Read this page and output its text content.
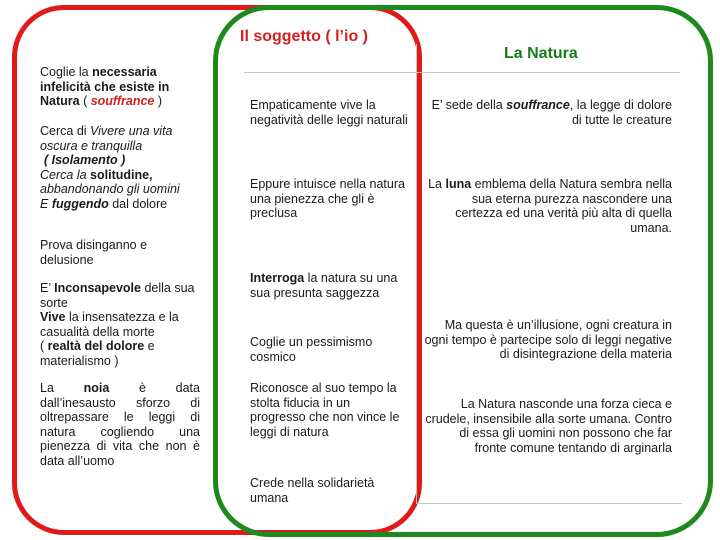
Il soggetto ( l’io )
La Natura

Coglie la necessaria infelicità che esiste in Natura ( souffrance )

Cerca di Vivere una vita oscura e tranquilla
( Isolamento )
Cerca la solitudine, abbandonando gli uomini
E fuggendo dal dolore

Prova disinganno e delusione

E’ Inconsapevole della sua sorte
Vive la insensatezza e la casualità della morte
( realtà del dolore e materialismo )

La noia è data dall’inesausto sforzo di oltrepassare le leggi di natura cogliendo una pienezza di vita che non è data all’uomo

Empaticamente vive la negatività delle leggi naturali

Eppure intuisce nella natura una pienezza che gli è preclusa

Interroga la natura su una sua presunta saggezza

Coglie un pessimismo cosmico

Riconosce al suo tempo la stolta fiducia in un progresso che non vince le leggi di natura

Crede nella solidarietà umana

E’ sede della souffrance, la legge di dolore di tutte le creature

La luna emblema della Natura sembra nella sua eterna purezza nascondere una certezza ed una verità più alta di quella umana.

Ma questa è un’illusione, ogni creatura in ogni tempo è partecipe solo di leggi negative di disintegrazione della materia

La Natura nasconde una forza cieca e crudele, insensibile alla sorte umana. Contro di essa gli uomini non possono che far fronte comune tentando di arginarla
